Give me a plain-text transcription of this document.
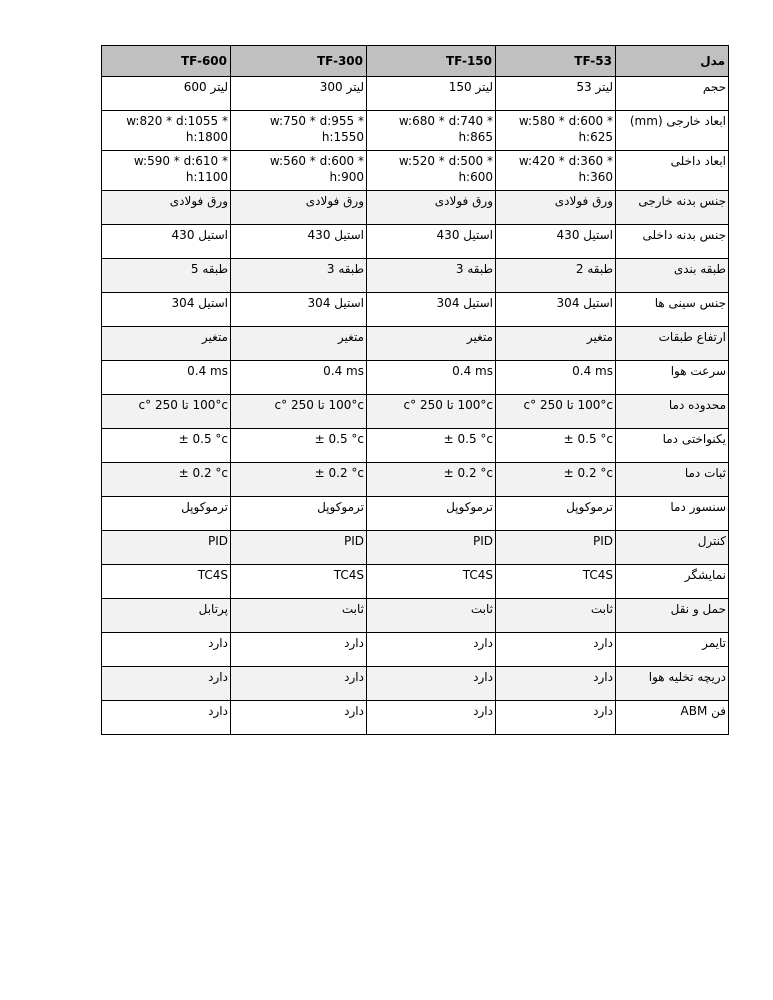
مدل	TF-53	TF-150	TF-300	TF-600
حجم	لیتر 53	لیتر 150	لیتر 300	لیتر 600
ابعاد خارجی (mm)	w:580 * d:600 * h:625	w:680 * d:740 * h:865	w:750 * d:955 * h:1550	w:820 * d:1055 * h:1800
ابعاد داخلی	w:420 * d:360 * h:360	w:520 * d:500 * h:600	w:560 * d:600 * h:900	w:590 * d:610 * h:1100
جنس بدنه خارجی	ورق فولادی	ورق فولادی	ورق فولادی	ورق فولادی
جنس بدنه داخلی	استیل 430	استیل 430	استیل 430	استیل 430
طبقه بندی	طبقه 2	طبقه 3	طبقه 3	طبقه 5
جنس سینی ها	استیل 304	استیل 304	استیل 304	استیل 304
ارتفاع طبقات	متغیر	متغیر	متغیر	متغیر
سرعت هوا	0.4 ms	0.4 ms	0.4 ms	0.4 ms
محدوده دما	100°c تا 250 °c	100°c تا 250 °c	100°c تا 250 °c	100°c تا 250 °c
یکنواختی دما	± 0.5 °c	± 0.5 °c	± 0.5 °c	± 0.5 °c
ثبات دما	± 0.2 °c	± 0.2 °c	± 0.2 °c	± 0.2 °c
سنسور دما	ترموکوپل	ترموکوپل	ترموکوپل	ترموکوپل
کنترل	PID	PID	PID	PID
نمایشگر	TC4S	TC4S	TC4S	TC4S
حمل و نقل	ثابت	ثابت	ثابت	پرتابل
تایمر	دارد	دارد	دارد	دارد
دریچه تخلیه هوا	دارد	دارد	دارد	دارد
فن ABM	دارد	دارد	دارد	دارد
